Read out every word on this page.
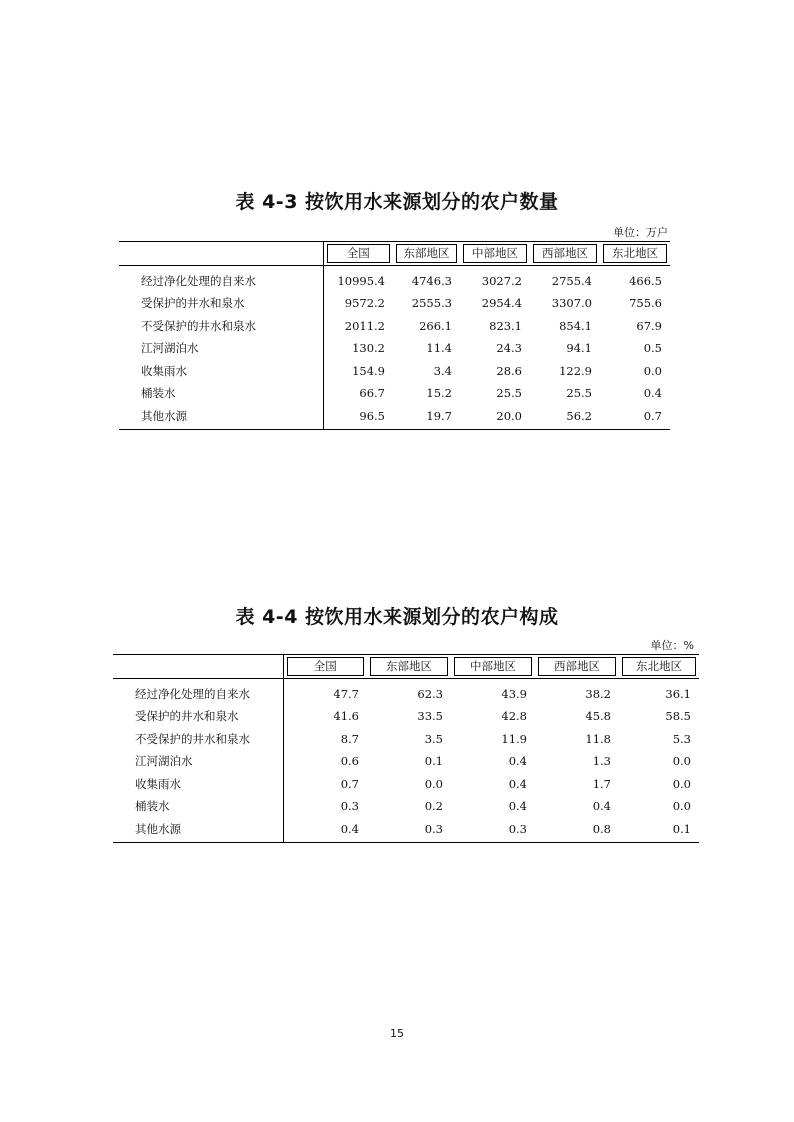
表 4-3 按饮用水来源划分的农户数量
单位：万户

	全国	东部地区	中部地区	西部地区	东北地区

经过净化处理的自来水	10995.4	4746.3	3027.2	2755.4	466.5
受保护的井水和泉水	9572.2	2555.3	2954.4	3307.0	755.6
不受保护的井水和泉水	2011.2	266.1	823.1	854.1	67.9
江河湖泊水	130.2	11.4	24.3	94.1	0.5
收集雨水	154.9	3.4	28.6	122.9	0.0
桶装水	66.7	15.2	25.5	25.5	0.4
其他水源	96.5	19.7	20.0	56.2	0.7
表 4-4 按饮用水来源划分的农户构成
单位：%

	全国	东部地区	中部地区	西部地区	东北地区

经过净化处理的自来水	47.7	62.3	43.9	38.2	36.1
受保护的井水和泉水	41.6	33.5	42.8	45.8	58.5
不受保护的井水和泉水	8.7	3.5	11.9	11.8	5.3
江河湖泊水	0.6	0.1	0.4	1.3	0.0
收集雨水	0.7	0.0	0.4	1.7	0.0
桶装水	0.3	0.2	0.4	0.4	0.0
其他水源	0.4	0.3	0.3	0.8	0.1
15
